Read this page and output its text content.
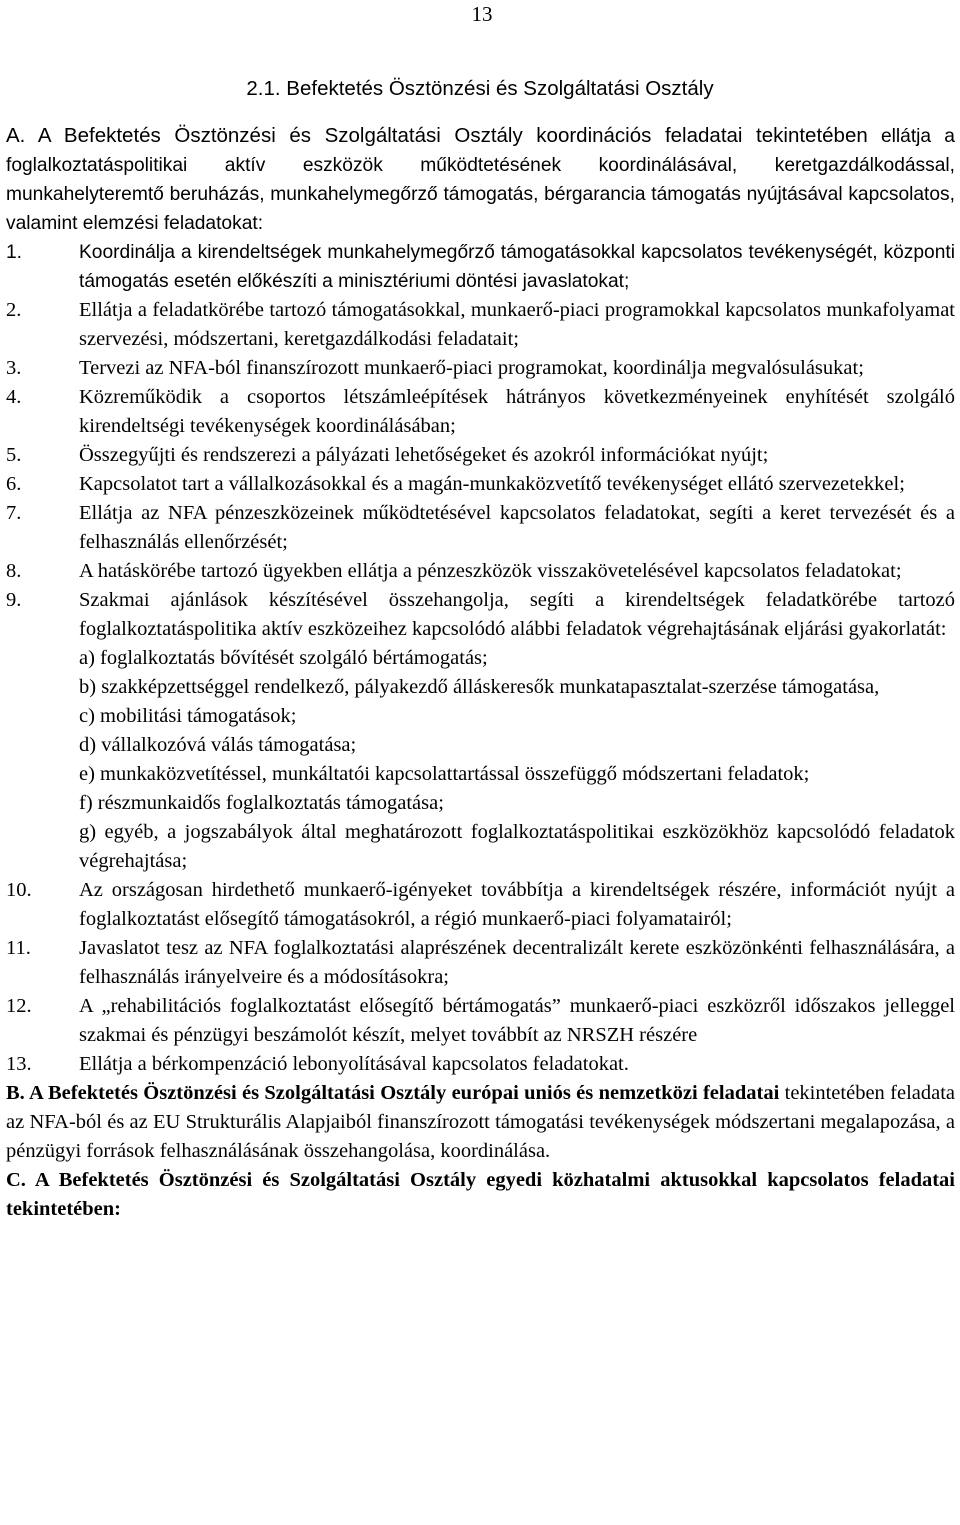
13
2.1. Befektetés Ösztönzési és Szolgáltatási Osztály

A. A Befektetés Ösztönzési és Szolgáltatási Osztály koordinációs feladatai tekintetében ellátja a foglalkoztatáspolitikai aktív eszközök működtetésének koordinálásával, keretgazdálkodással, munkahelyteremtő beruházás, munkahelymegőrző támogatás, bérgarancia támogatás nyújtásával kapcsolatos, valamint elemzési feladatokat:

1.	Koordinálja a kirendeltségek munkahelymegőrző támogatásokkal kapcsolatos tevékenységét, központi támogatás esetén előkészíti a minisztériumi döntési javaslatokat;
2.	Ellátja a feladatkörébe tartozó támogatásokkal, munkaerő-piaci programokkal kapcsolatos munkafolyamat szervezési, módszertani, keretgazdálkodási feladatait;
3.	Tervezi az NFA-ból finanszírozott munkaerő-piaci programokat, koordinálja megvalósulásukat;
4.	Közreműködik a csoportos létszámleépítések hátrányos következményeinek enyhítését szolgáló kirendeltségi tevékenységek koordinálásában;
5.	Összegyűjti és rendszerezi a pályázati lehetőségeket és azokról információkat nyújt;
6.	Kapcsolatot tart a vállalkozásokkal és a magán-munkaközvetítő tevékenységet ellátó szervezetekkel;
7.	Ellátja az NFA pénzeszközeinek működtetésével kapcsolatos feladatokat, segíti a keret tervezését és a felhasználás ellenőrzését;
8.	A hatáskörébe tartozó ügyekben ellátja a pénzeszközök visszakövetelésével kapcsolatos feladatokat;
9.	Szakmai ajánlások készítésével összehangolja, segíti a kirendeltségek feladatkörébe tartozó foglalkoztatáspolitika aktív eszközeihez kapcsolódó alábbi feladatok végrehajtásának eljárási gyakorlatát:
a) foglalkoztatás bővítését szolgáló bértámogatás;
b) szakképzettséggel rendelkező, pályakezdő álláskeresők munkatapasztalat-szerzése támogatása,
c) mobilitási támogatások;
d) vállalkozóvá válás támogatása;
e) munkaközvetítéssel, munkáltatói kapcsolattartással összefüggő módszertani feladatok;
f) részmunkaidős foglalkoztatás támogatása;
g) egyéb, a jogszabályok által meghatározott foglalkoztatáspolitikai eszközökhöz kapcsolódó feladatok végrehajtása;
10.	Az országosan hirdethető munkaerő-igényeket továbbítja a kirendeltségek részére, információt nyújt a foglalkoztatást elősegítő támogatásokról, a régió munkaerő-piaci folyamatairól;
11.	Javaslatot tesz az NFA foglalkoztatási alaprészének decentralizált kerete eszközönkénti felhasználására, a felhasználás irányelveire és a módosításokra;
12.	A „rehabilitációs foglalkoztatást elősegítő bértámogatás” munkaerő-piaci eszközről időszakos jelleggel szakmai és pénzügyi beszámolót készít, melyet továbbít az NRSZH részére
13.	Ellátja a bérkompenzáció lebonyolításával kapcsolatos feladatokat.

B. A Befektetés Ösztönzési és Szolgáltatási Osztály európai uniós és nemzetközi feladatai tekintetében feladata az NFA-ból és az EU Strukturális Alapjaiból finanszírozott támogatási tevékenységek módszertani megalapozása, a pénzügyi források felhasználásának összehangolása, koordinálása.

C. A Befektetés Ösztönzési és Szolgáltatási Osztály egyedi közhatalmi aktusokkal kapcsolatos feladatai tekintetében:
